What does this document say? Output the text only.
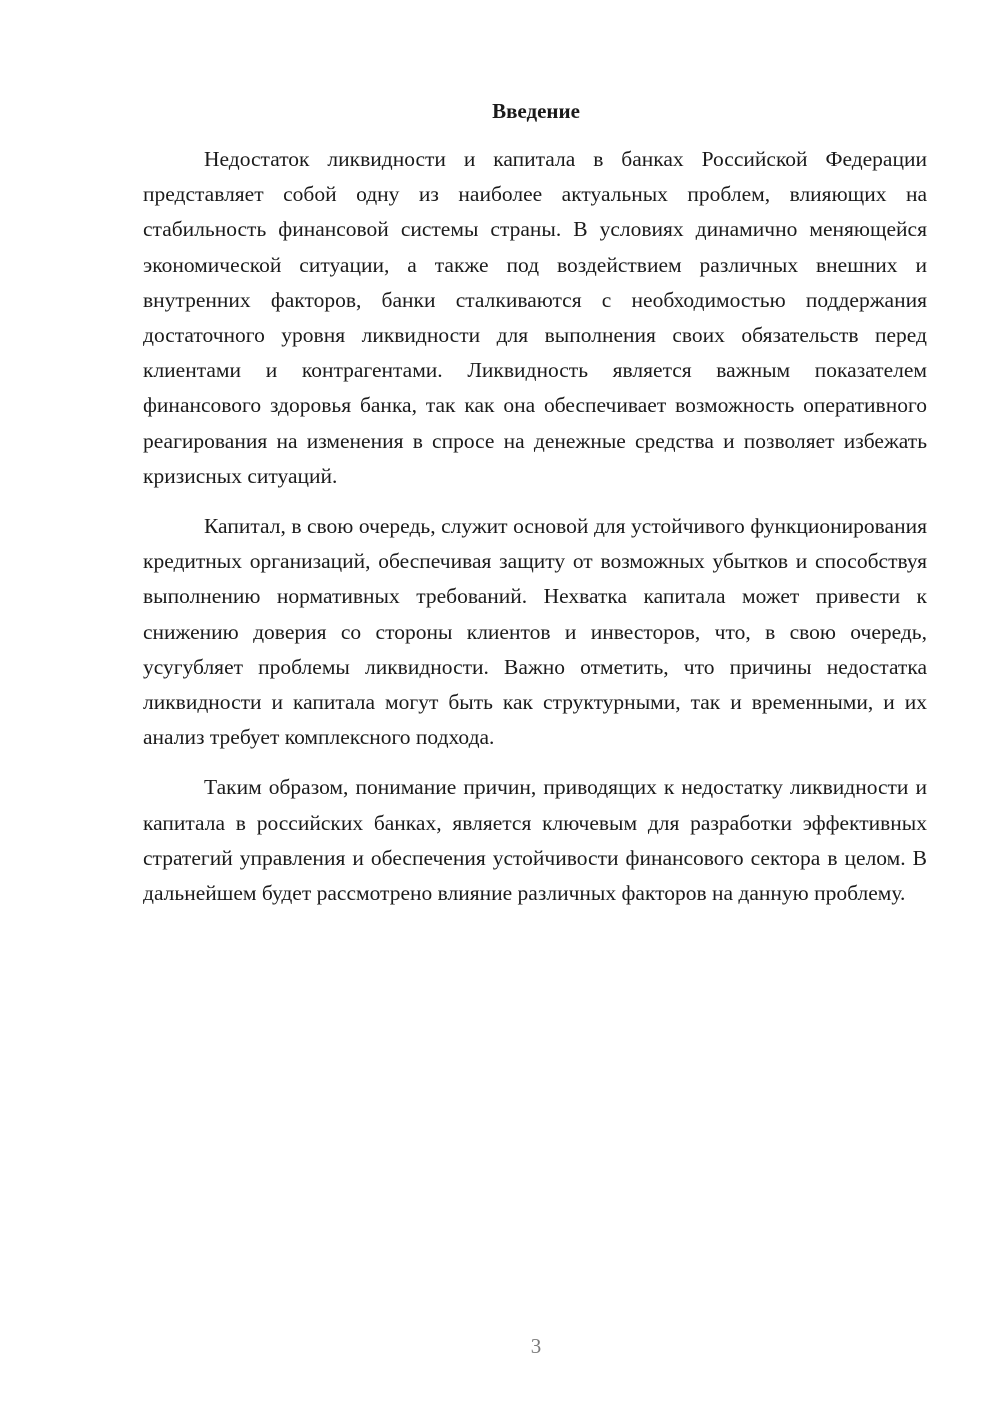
Введение

Недостаток ликвидности и капитала в банках Российской Федерации представляет собой одну из наиболее актуальных проблем, влияющих на стабильность финансовой системы страны. В условиях динамично меняющейся экономической ситуации, а также под воздействием различных внешних и внутренних факторов, банки сталкиваются с необходимостью поддержания достаточного уровня ликвидности для выполнения своих обязательств перед клиентами и контрагентами. Ликвидность является важным показателем финансового здоровья банка, так как она обеспечивает возможность оперативного реагирования на изменения в спросе на денежные средства и позволяет избежать кризисных ситуаций.

Капитал, в свою очередь, служит основой для устойчивого функционирования кредитных организаций, обеспечивая защиту от возможных убытков и способствуя выполнению нормативных требований. Нехватка капитала может привести к снижению доверия со стороны клиентов и инвесторов, что, в свою очередь, усугубляет проблемы ликвидности. Важно отметить, что причины недостатка ликвидности и капитала могут быть как структурными, так и временными, и их анализ требует комплексного подхода.

Таким образом, понимание причин, приводящих к недостатку ликвидности и капитала в российских банках, является ключевым для разработки эффективных стратегий управления и обеспечения устойчивости финансового сектора в целом. В дальнейшем будет рассмотрено влияние различных факторов на данную проблему.

3
